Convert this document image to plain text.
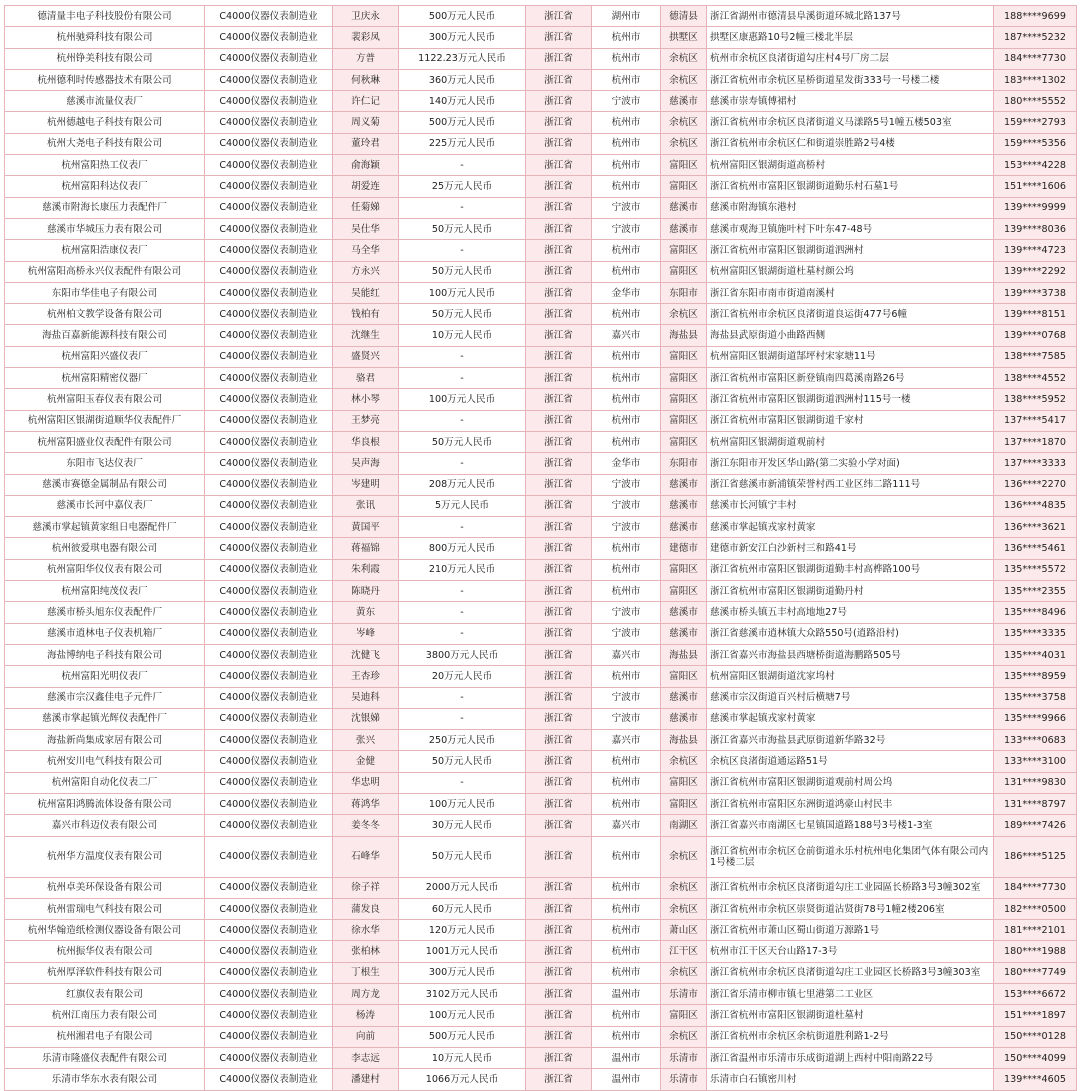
德清量丰电子科技股份有限公司	C4000仪器仪表制造业	卫庆永	500万元人民币	浙江省	湖州市	德清县	浙江省湖州市德清县阜溪街道环城北路137号	188****9699
杭州驰舜科技有限公司	C4000仪器仪表制造业	裴彩凤	300万元人民币	浙江省	杭州市	拱墅区	拱墅区康惠路10号2幢三楼北半层	187****5232
杭州铮美科技有限公司	C4000仪器仪表制造业	方普	1122.23万元人民币	浙江省	杭州市	余杭区	杭州市余杭区良渚街道勾庄村4号厂房二层	184****7730
杭州德利时传感器技术有限公司	C4000仪器仪表制造业	何秋琳	360万元人民币	浙江省	杭州市	余杭区	浙江省杭州市余杭区星桥街道星发街333号一号楼二楼	183****1302
慈溪市流量仪表厂	C4000仪器仪表制造业	许仁记	140万元人民币	浙江省	宁波市	慈溪市	慈溪市崇寿镇傅裙村	180****5552
杭州德越电子科技有限公司	C4000仪器仪表制造业	周义菊	500万元人民币	浙江省	杭州市	余杭区	浙江省杭州市余杭区良渚街道义马漾路5号1幢五楼503室	159****2793
杭州大尧电子科技有限公司	C4000仪器仪表制造业	董玲君	225万元人民币	浙江省	杭州市	余杭区	浙江省杭州市余杭区仁和街道崇胜路2号4楼	159****5356
杭州富阳热工仪表厂	C4000仪器仪表制造业	俞海颖	-	浙江省	杭州市	富阳区	杭州富阳区银湖街道高桥村	153****4228
杭州富阳科达仪表厂	C4000仪器仪表制造业	胡爱连	25万元人民币	浙江省	杭州市	富阳区	浙江省杭州市富阳区银湖街道勤乐村石墓1号	151****1606
慈溪市附海长康压力表配件厂	C4000仪器仪表制造业	任菊娣	-	浙江省	宁波市	慈溪市	慈溪市附海镇东港村	139****9999
慈溪市华城压力表有限公司	C4000仪器仪表制造业	吴仕华	50万元人民币	浙江省	宁波市	慈溪市	慈溪市观海卫镇施叶村下叶东47-48号	139****8036
杭州富阳浩康仪表厂	C4000仪器仪表制造业	马全华	-	浙江省	杭州市	富阳区	浙江省杭州市富阳区银湖街道泗洲村	139****4723
杭州富阳高桥永兴仪表配件有限公司	C4000仪器仪表制造业	方永兴	50万元人民币	浙江省	杭州市	富阳区	杭州富阳区银湖街道杜墓村颜公坞	139****2292
东阳市华佳电子有限公司	C4000仪器仪表制造业	吴能红	100万元人民币	浙江省	金华市	东阳市	浙江省东阳市南市街道南溪村	139****3738
杭州柏文教学设备有限公司	C4000仪器仪表制造业	钱柏有	50万元人民币	浙江省	杭州市	余杭区	浙江省杭州市余杭区良渚街道良运街477号6幢	139****8151
海盐百嘉新能源科技有限公司	C4000仪器仪表制造业	沈继生	10万元人民币	浙江省	嘉兴市	海盐县	海盐县武原街道小曲路西侧	139****0768
杭州富阳兴盛仪表厂	C4000仪器仪表制造业	盛贤兴	-	浙江省	杭州市	富阳区	杭州富阳区银湖街道郜坪村宋家塘11号	138****7585
杭州富阳精密仪器厂	C4000仪器仪表制造业	骆君	-	浙江省	杭州市	富阳区	浙江省杭州市富阳区新登镇南四葛溪南路26号	138****4552
杭州富阳玉春仪表有限公司	C4000仪器仪表制造业	林小琴	100万元人民币	浙江省	杭州市	富阳区	浙江省杭州市富阳区银湖街道泗洲村115号一楼	138****5952
杭州富阳区银湖街道顺华仪表配件厂	C4000仪器仪表制造业	王梦亮	-	浙江省	杭州市	富阳区	浙江省杭州市富阳区银湖街道千家村	137****5417
杭州富阳盛业仪表配件有限公司	C4000仪器仪表制造业	华良根	50万元人民币	浙江省	杭州市	富阳区	杭州富阳区银湖街道观前村	137****1870
东阳市飞达仪表厂	C4000仪器仪表制造业	吴声海	-	浙江省	金华市	东阳市	浙江东阳市开发区华山路(第二实验小学对面)	137****3333
慈溪市赛德金属制品有限公司	C4000仪器仪表制造业	岑建明	208万元人民币	浙江省	宁波市	慈溪市	浙江省慈溪市新浦镇荣誉村西工业区纬二路111号	136****2270
慈溪市长河中嘉仪表厂	C4000仪器仪表制造业	张讯	5万元人民币	浙江省	宁波市	慈溪市	慈溪市长河镇宁丰村	136****4835
慈溪市掌起镇黄家组日电器配件厂	C4000仪器仪表制造业	黄国平	-	浙江省	宁波市	慈溪市	慈溪市掌起镇戎家村黄家	136****3621
杭州彼爱琪电器有限公司	C4000仪器仪表制造业	蒋福锦	800万元人民币	浙江省	杭州市	建德市	建德市新安江白沙新村三和路41号	136****5461
杭州富阳华仪仪表有限公司	C4000仪器仪表制造业	朱利霞	210万元人民币	浙江省	杭州市	富阳区	浙江省杭州市富阳区银湖街道勤丰村高桦路100号	135****5572
杭州富阳纯茂仪表厂	C4000仪器仪表制造业	陈晓丹	-	浙江省	杭州市	富阳区	浙江省杭州市富阳区银湖街道勤丹村	135****2355
慈溪市桥头旭东仪表配件厂	C4000仪器仪表制造业	黄东	-	浙江省	宁波市	慈溪市	慈溪市桥头镇五丰村高地地27号	135****8496
慈溪市逍林电子仪表机箱厂	C4000仪器仪表制造业	岑峰	-	浙江省	宁波市	慈溪市	浙江省慈溪市逍林镇大众路550号(逍路沿村)	135****3335
海盐博纳电子科技有限公司	C4000仪器仪表制造业	沈健飞	3800万元人民币	浙江省	嘉兴市	海盐县	浙江省嘉兴市海盐县西塘桥街道海鹏路505号	135****4031
杭州富阳光明仪表厂	C4000仪器仪表制造业	王杏珍	20万元人民币	浙江省	杭州市	富阳区	杭州富阳区银湖街道沈家坞村	135****8959
慈溪市宗汉鑫佳电子元件厂	C4000仪器仪表制造业	吴迪科	-	浙江省	宁波市	慈溪市	慈溪市宗汉街道百兴村后横塘7号	135****3758
慈溪市掌起镇光辉仪表配件厂	C4000仪器仪表制造业	沈银娣	-	浙江省	宁波市	慈溪市	慈溪市掌起镇戎家村黄家	135****9966
海盐新尚集成家居有限公司	C4000仪器仪表制造业	张兴	250万元人民币	浙江省	嘉兴市	海盐县	浙江省嘉兴市海盐县武原街道新华路32号	133****0683
杭州安川电气科技有限公司	C4000仪器仪表制造业	金健	50万元人民币	浙江省	杭州市	余杭区	余杭区良渚街道通运路51号	133****3100
杭州富阳自动化仪表二厂	C4000仪器仪表制造业	华忠明	-	浙江省	杭州市	富阳区	浙江省杭州市富阳区银湖街道观前村周公坞	131****9830
杭州富阳鸿腾流体设备有限公司	C4000仪器仪表制造业	蒋鸿华	100万元人民币	浙江省	杭州市	富阳区	浙江省杭州市富阳区东洲街道鸿豪山村民丰	131****8797
嘉兴市科迈仪表有限公司	C4000仪器仪表制造业	姜冬冬	30万元人民币	浙江省	嘉兴市	南湖区	浙江省嘉兴市南湖区七星镇国道路188号3号楼1-3室	189****7426
杭州华方温度仪表有限公司	C4000仪器仪表制造业	石峰华	50万元人民币	浙江省	杭州市	余杭区	浙江省杭州市余杭区仓前街道永乐村杭州电化集团气体有限公司内1号楼二层	186****5125
杭州卓美环保设备有限公司	C4000仪器仪表制造业	徐子祥	2000万元人民币	浙江省	杭州市	余杭区	浙江省杭州市余杭区良渚街道勾庄工业园區长桥路3号3幢302室	184****7730
杭州雷瑞电气科技有限公司	C4000仪器仪表制造业	蒲发良	60万元人民币	浙江省	杭州市	余杭区	浙江省杭州市余杭区崇贤街道沾贤街78号1幢2楼206室	182****0500
杭州华翰造纸检测仪器设备有限公司	C4000仪器仪表制造业	徐水华	120万元人民币	浙江省	杭州市	萧山区	浙江省杭州市萧山区蜀山街道万源路1号	181****2101
杭州振华仪表有限公司	C4000仪器仪表制造业	张柏林	1001万元人民币	浙江省	杭州市	江干区	杭州市江干区天台山路17-3号	180****1988
杭州厚泽软件科技有限公司	C4000仪器仪表制造业	丁根生	300万元人民币	浙江省	杭州市	余杭区	浙江省杭州市余杭区良渚街道勾庄工业园区长桥路3号3幢303室	180****7749
红旗仪表有限公司	C4000仪器仪表制造业	周方龙	3102万元人民币	浙江省	温州市	乐清市	浙江省乐清市柳市镇七里港第二工业区	153****6672
杭州江南压力表有限公司	C4000仪器仪表制造业	杨涛	100万元人民币	浙江省	杭州市	富阳区	浙江省杭州市富阳区银湖街道杜墓村	151****1897
杭州湘君电子有限公司	C4000仪器仪表制造业	向前	500万元人民币	浙江省	杭州市	余杭区	浙江省杭州市余杭区余杭街道胜利路1-2号	150****0128
乐清市隆盛仪表配件有限公司	C4000仪器仪表制造业	李志远	10万元人民币	浙江省	温州市	乐清市	浙江省温州市乐清市乐成街道湖上西村中阳南路22号	150****4099
乐清市华东水表有限公司	C4000仪器仪表制造业	潘建村	1066万元人民币	浙江省	温州市	乐清市	乐清市白石镇密川村	139****4605
